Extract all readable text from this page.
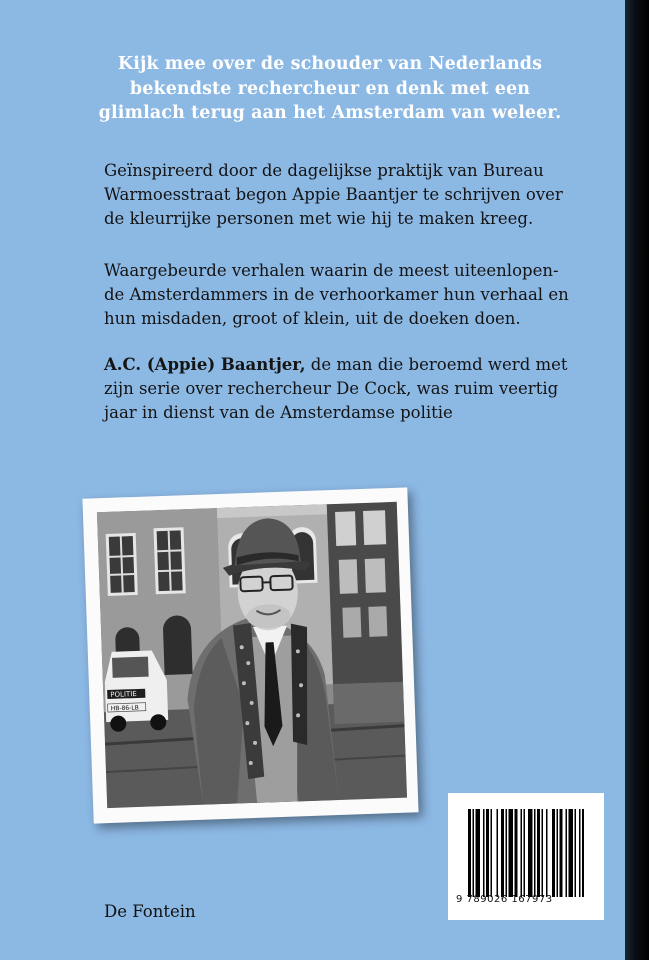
Kijk mee over de schouder van Nederlands
bekendste rechercheur en denk met een
glimlach terug aan het Amsterdam van weleer.
Geïnspireerd door de dagelijkse praktijk van Bureau
Warmoesstraat begon Appie Baantjer te schrijven over
de kleurrijke personen met wie hij te maken kreeg.
Waargebeurde verhalen waarin de meest uiteenlopen-
de Amsterdammers in de verhoorkamer hun verhaal en
hun misdaden, groot of klein, uit de doeken doen.
A.C. (Appie) Baantjer, de man die beroemd werd met
zijn serie over rechercheur De Cock, was ruim veertig
jaar in dienst van de Amsterdamse politie
POLITIE
HB-86-LB
9 789026 167973
De Fontein
